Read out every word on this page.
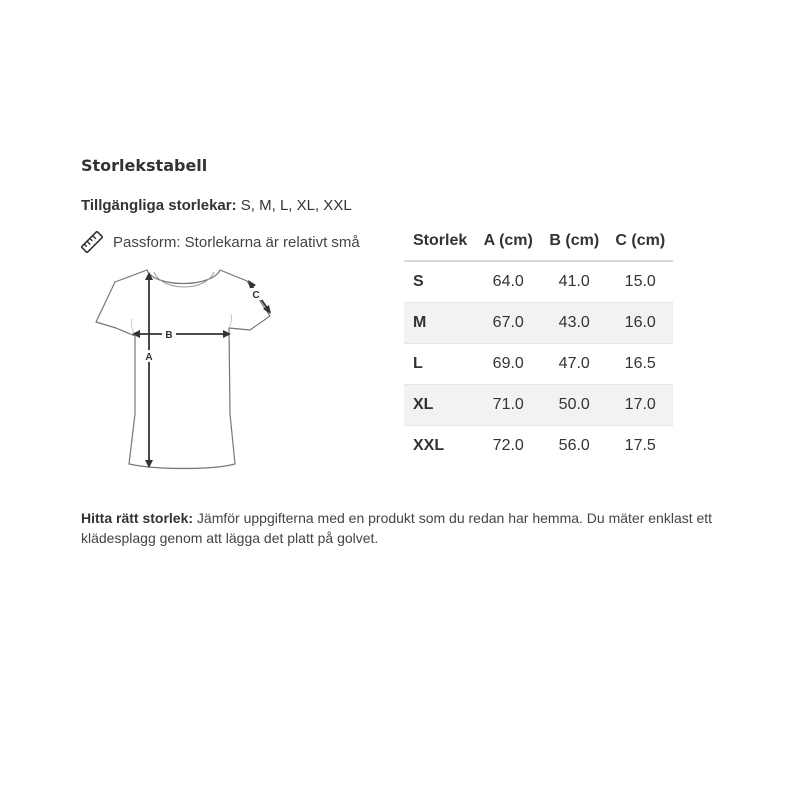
Storlekstabell
Tillgängliga storlekar: S, M, L, XL, XXL
Passform: Storlekarna är relativt små
A
B
C
Storlek	A (cm)	B (cm)	C (cm)
S	64.0	41.0	15.0
M	67.0	43.0	16.0
L	69.0	47.0	16.5
XL	71.0	50.0	17.0
XXL	72.0	56.0	17.5

Hitta rätt storlek: Jämför uppgifterna med en produkt som du redan har hemma. Du mäter enklast ett klädesplagg genom att lägga det platt på golvet.
